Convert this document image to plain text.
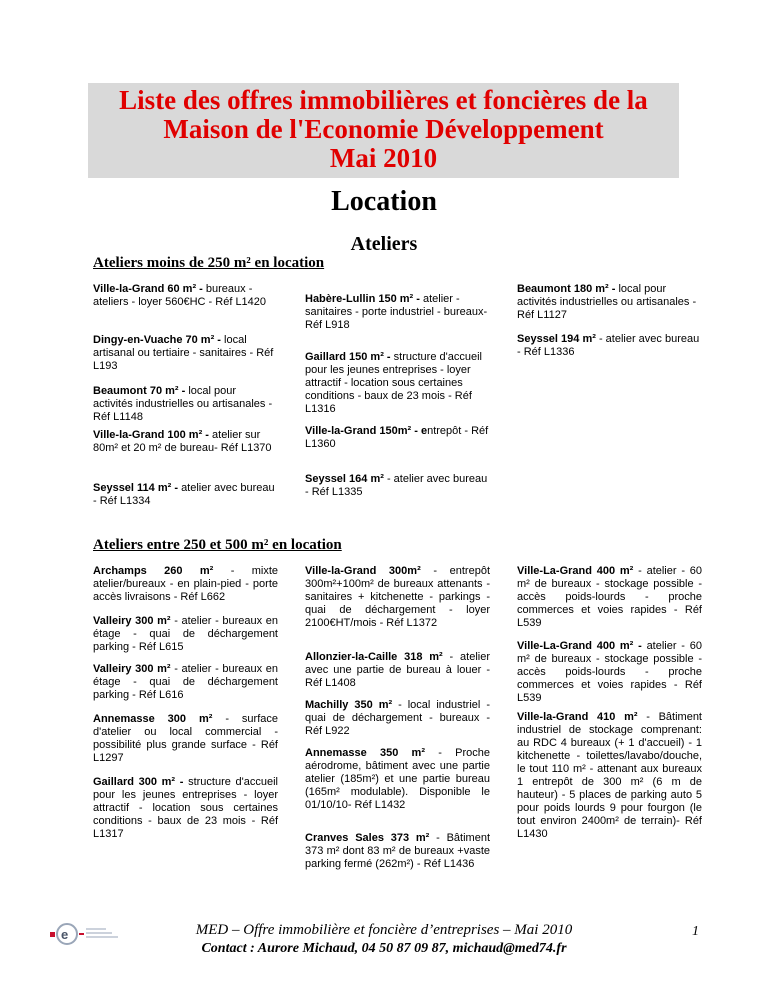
Liste des offres immobilières et foncières de la
Maison de l'Economie Développement
Mai 2010
Location
Ateliers

Ateliers moins de 250 m² en location

Ville-la-Grand 60 m² - bureaux - ateliers - loyer 560€HC - Réf L1420

Dingy-en-Vuache 70 m² - local artisanal ou tertiaire - sanitaires - Réf L193

Beaumont 70 m² - local pour activités industrielles ou artisanales - Réf L1148

Ville-la-Grand 100 m² - atelier sur 80m² et 20 m² de bureau- Réf L1370

Seyssel 114 m² - atelier avec bureau - Réf L1334

Habère-Lullin 150 m² - atelier - sanitaires - porte industriel - bureaux- Réf L918

Gaillard 150 m² - structure d'accueil pour les jeunes entreprises - loyer attractif - location sous certaines conditions - baux de 23 mois - Réf L1316

Ville-la-Grand 150m² - entrepôt - Réf L1360

Seyssel 164 m² - atelier avec bureau - Réf L1335

Beaumont 180 m² - local pour activités industrielles ou artisanales - Réf L1127

Seyssel 194 m² - atelier avec bureau - Réf L1336

Ateliers entre 250 et 500 m² en location

Archamps 260 m² - mixte atelier/bureaux - en plain-pied - porte accès livraisons - Réf L662

Valleiry 300 m² - atelier - bureaux en étage - quai de déchargement parking - Réf L615

Valleiry 300 m² - atelier - bureaux en étage - quai de déchargement parking - Réf L616

Annemasse 300 m² - surface d'atelier ou local commercial - possibilité plus grande surface - Réf L1297

Gaillard 300 m² - structure d'accueil pour les jeunes entreprises - loyer attractif - location sous certaines conditions - baux de 23 mois - Réf L1317

Ville-la-Grand 300m² - entrepôt 300m²+100m² de bureaux attenants - sanitaires + kitchenette - parkings - quai de déchargement - loyer 2100€HT/mois - Réf L1372

Allonzier-la-Caille 318 m² - atelier avec une partie de bureau à louer - Réf L1408

Machilly 350 m² - local industriel - quai de déchargement - bureaux - Réf L922

Annemasse 350 m² - Proche aérodrome, bâtiment avec une partie atelier (185m²) et une partie bureau (165m² modulable). Disponible le 01/10/10- Réf L1432

Cranves Sales 373 m² - Bâtiment 373 m² dont 83 m² de bureaux +vaste parking fermé (262m²) - Réf L1436

Ville-La-Grand 400 m² - atelier - 60 m² de bureaux - stockage possible - accès poids-lourds - proche commerces et voies rapides - Réf L539

Ville-La-Grand 400 m² - atelier - 60 m² de bureaux - stockage possible - accès poids-lourds - proche commerces et voies rapides - Réf L539

Ville-la-Grand 410 m² - Bâtiment industriel de stockage comprenant: au RDC 4 bureaux (+ 1 d'accueil) - 1 kitchenette - toilettes/lavabo/douche, le tout 110 m² - attenant aux bureaux 1 entrepôt de 300 m² (6 m de hauteur) - 5 places de parking auto 5 pour poids lourds 9 pour fourgon (le tout environ 2400m² de terrain)- Réf L1430

e	MED – Offre immobilière et foncière d’entreprises – Mai 2010

Contact : Aurore Michaud, 04 50 87 09 87, michaud@med74.fr

1
